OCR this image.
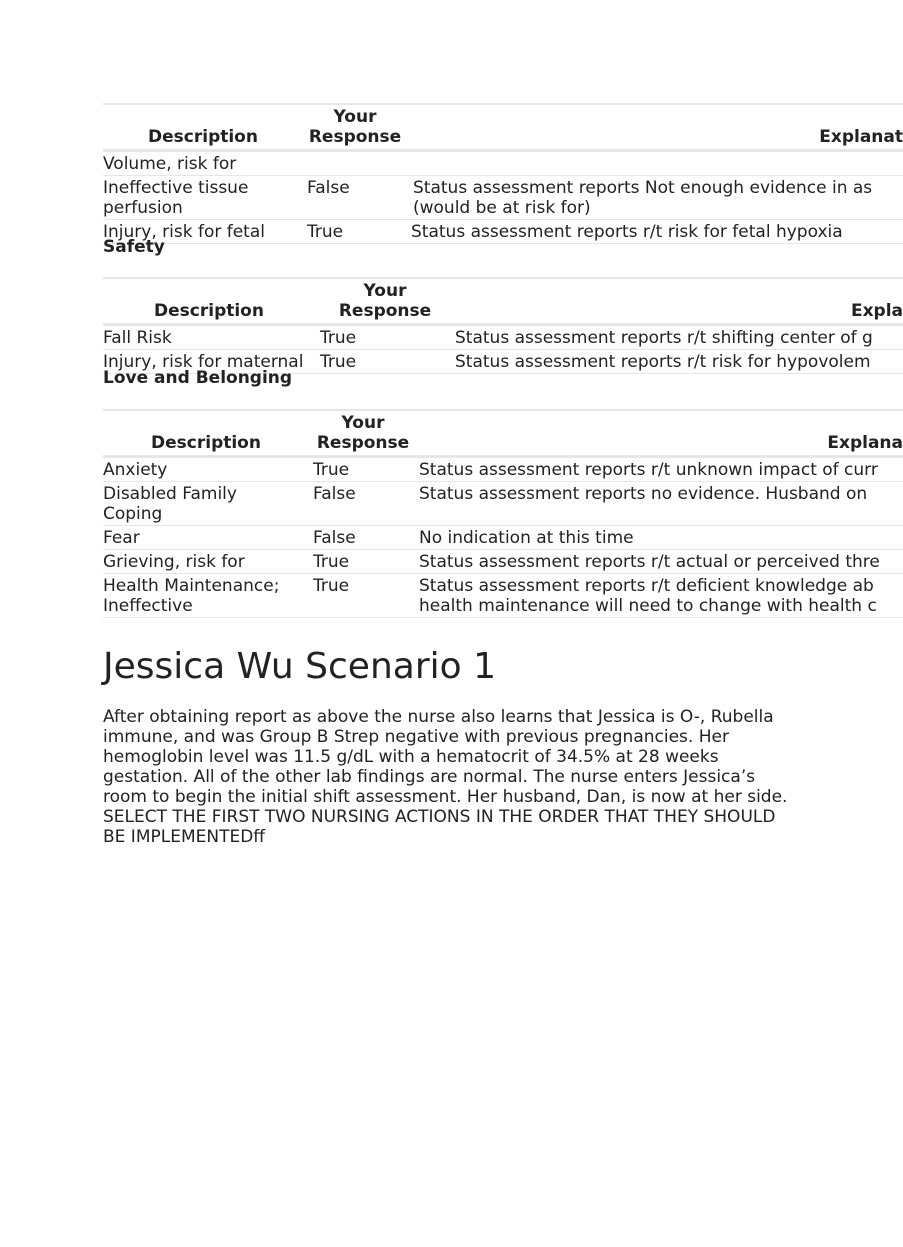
Description	Your
Response	Explanat
Volume, risk for		

Ineffective tissue perfusion	False	Status assessment reports Not enough evidence in as
(would be at risk for)

Injury, risk for fetal	True	Status assessment reports r/t risk for fetal hypoxia
Safety
Description	Your
Response	Expla
Fall Risk	True	Status assessment reports r/t shifting center of g

Injury, risk for maternal	True	Status assessment reports r/t risk for hypovolem
Love and Belonging
Description	Your
Response	Explana
Anxiety	True	Status assessment reports r/t unknown impact of curr

Disabled Family Coping	False	Status assessment reports no evidence. Husband on

Fear	False	No indication at this time

Grieving, risk for	True	Status assessment reports r/t actual or perceived thre

Health Maintenance; Ineffective	True	Status assessment reports r/t deficient knowledge ab
health maintenance will need to change with health c
Jessica Wu Scenario 1

After obtaining report as above the nurse also learns that Jessica is O-, Rubella immune, and was Group B Strep negative with previous pregnancies. Her hemoglobin level was 11.5 g/dL with a hematocrit of 34.5% at 28 weeks gestation. All of the other lab findings are normal. The nurse enters Jessica’s room to begin the initial shift assessment. Her husband, Dan, is now at her side. SELECT THE FIRST TWO NURSING ACTIONS IN THE ORDER THAT THEY SHOULD BE IMPLEMENTEDff
